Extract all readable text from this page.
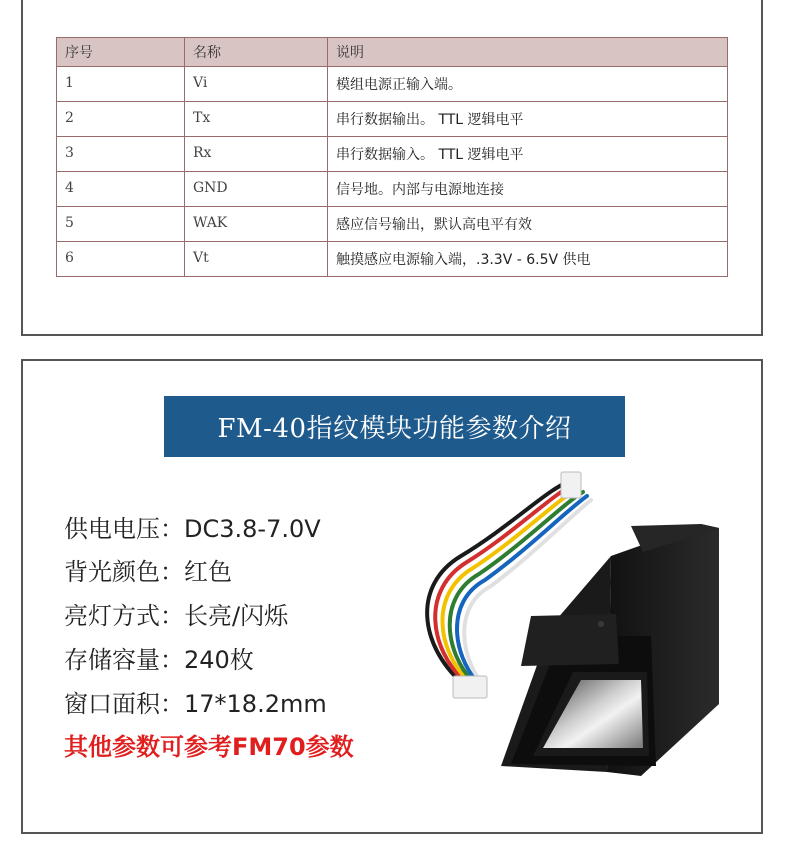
序号	名称	说明
1	Vi	模组电源正输入端。
2	Tx	串行数据输出。 TTL 逻辑电平
3	Rx	串行数据输入。 TTL 逻辑电平
4	GND	信号地。内部与电源地连接
5	WAK	感应信号输出，默认高电平有效
6	Vt	触摸感应电源输入端，.3.3V - 6.5V 供电
FM-40指纹模块功能参数介绍
供电电压：DC3.8-7.0V
背光颜色：红色
亮灯方式：长亮/闪烁
存储容量：240枚
窗口面积：17*18.2mm
其他参数可参考FM70参数
